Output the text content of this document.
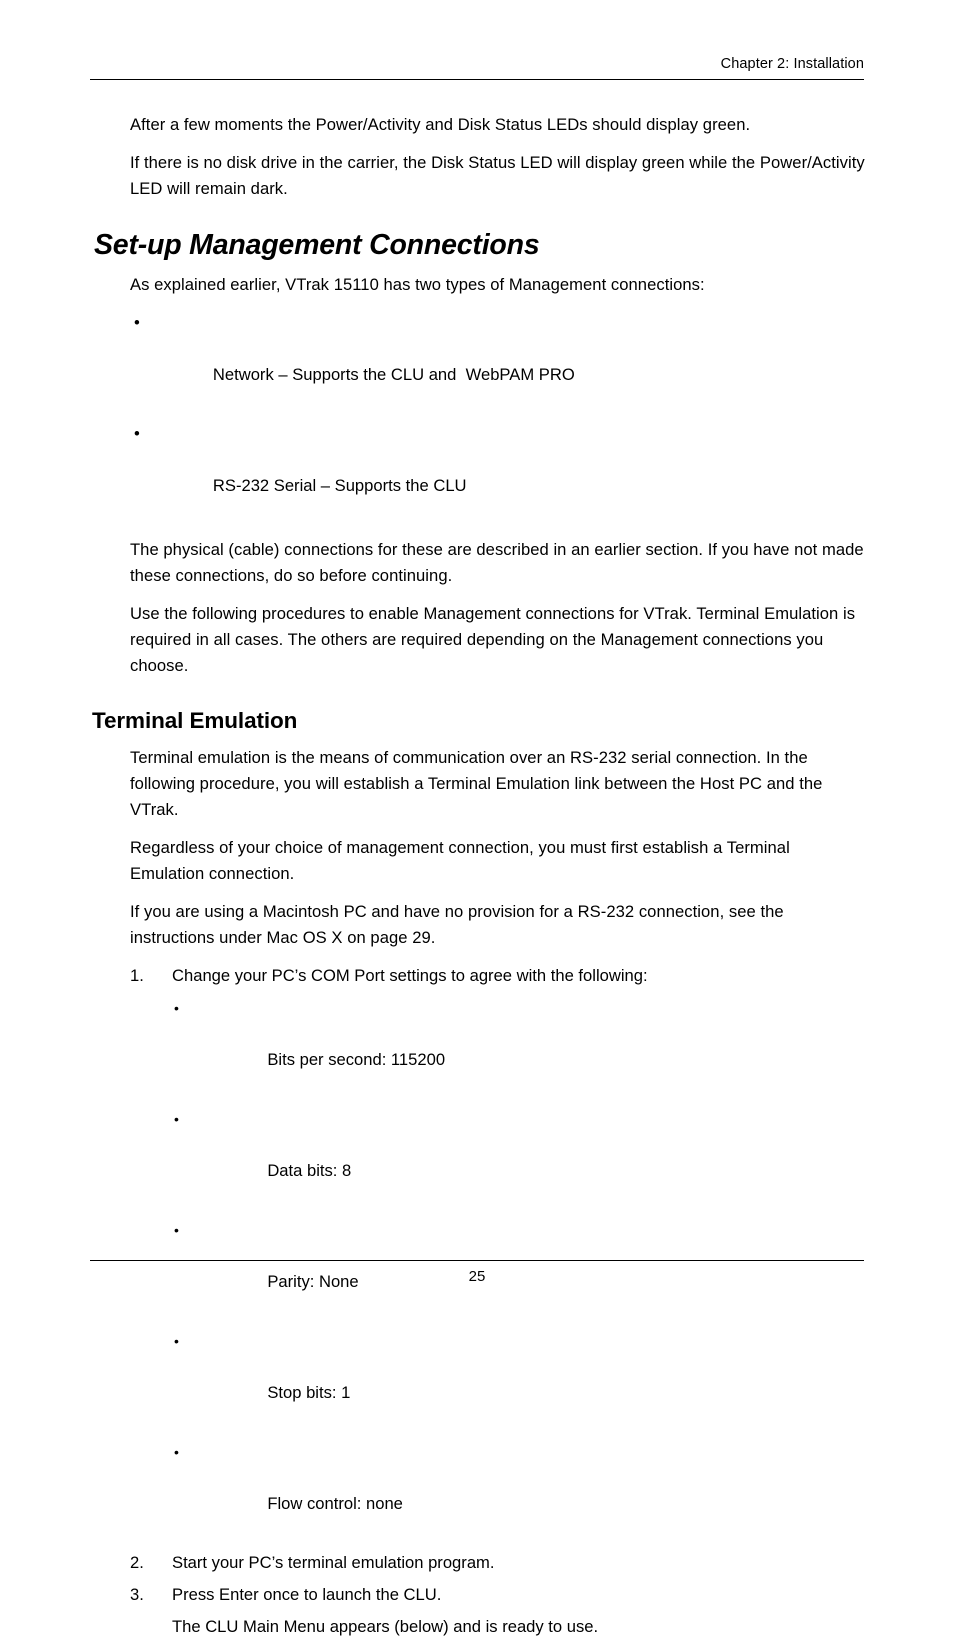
Chapter 2: Installation

After a few moments the Power/Activity and Disk Status LEDs should display green.

If there is no disk drive in the carrier, the Disk Status LED will display green while the Power/Activity LED will remain dark.

Set-up Management Connections

As explained earlier, VTrak 15110 has two types of Management connections:

•

Network – Supports the CLU and  WebPAM PRO

•

RS-232 Serial – Supports the CLU

The physical (cable) connections for these are described in an earlier section. If you have not made these connections, do so before continuing.

Use the following procedures to enable Management connections for VTrak. Terminal Emulation is required in all cases. The others are required depending on the Management connections you choose.

Terminal Emulation

Terminal emulation is the means of communication over an RS-232 serial connection. In the following procedure, you will establish a Terminal Emulation link between the Host PC and the VTrak.

Regardless of your choice of management connection, you must first establish a Terminal Emulation connection.

If you are using a Macintosh PC and have no provision for a RS-232 connection, see the instructions under Mac OS X on page 29.

1.	Change your PC’s COM Port settings to agree with the following:

•

Bits per second: 115200

•

Data bits: 8

•

Parity: None

•

Stop bits: 1

•

Flow control: none

2.	Start your PC’s terminal emulation program.
3.	Press Enter once to launch the CLU.

The CLU Main Menu appears (below) and is ready to use.

25
